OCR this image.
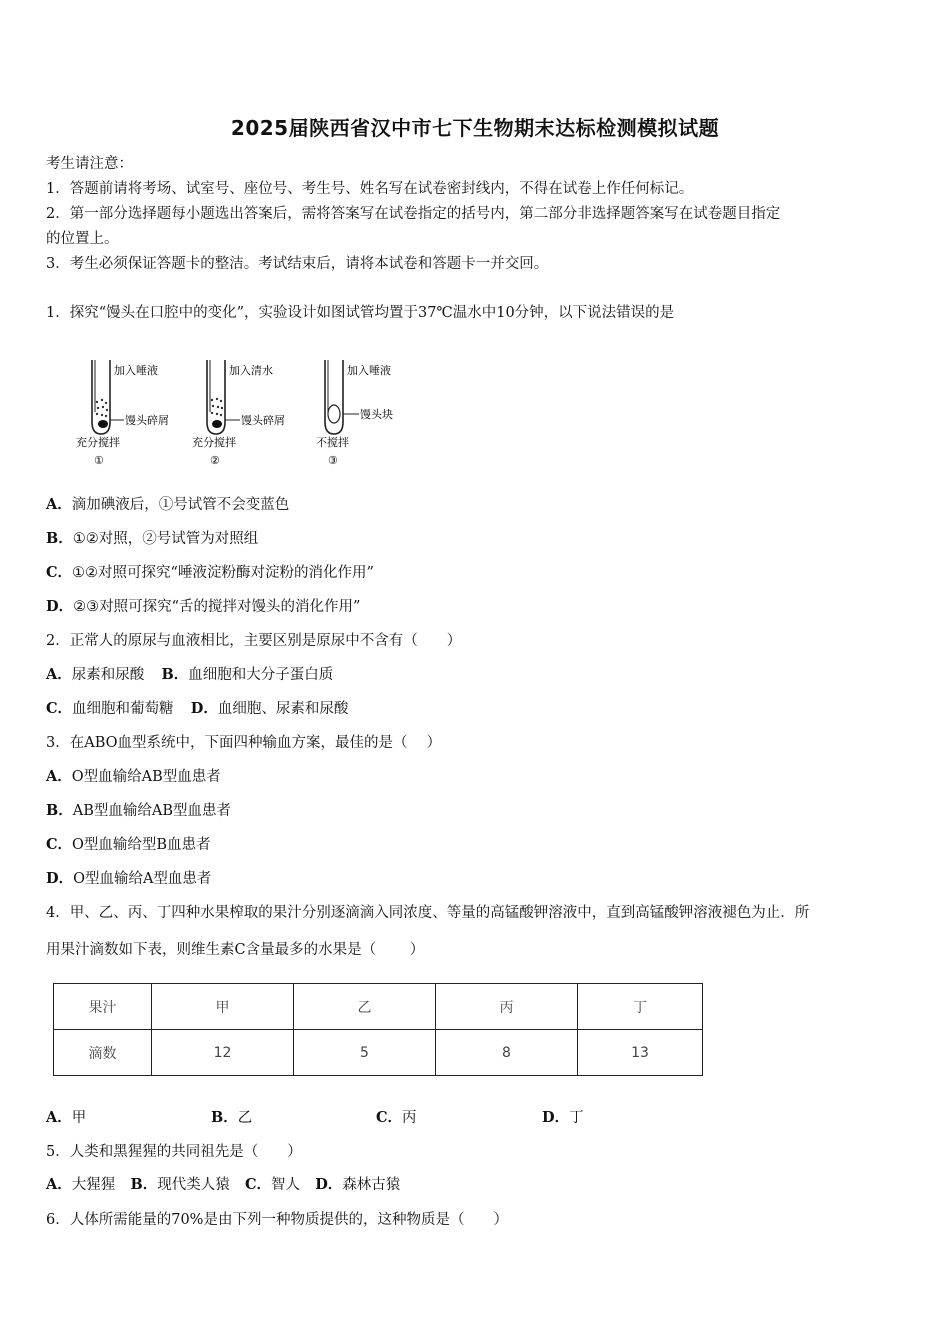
2025届陕西省汉中市七下生物期末达标检测模拟试题
考生请注意：
1．答题前请将考场、试室号、座位号、考生号、姓名写在试卷密封线内，不得在试卷上作任何标记。
2．第一部分选择题每小题选出答案后，需将答案写在试卷指定的括号内，第二部分非选择题答案写在试卷题目指定
的位置上。
3．考生必须保证答题卡的整洁。考试结束后，请将本试卷和答题卡一并交回。
1．探究“馒头在口腔中的变化”，实验设计如图试管均置于37℃温水中10分钟，以下说法错误的是
加入唾液
馒头碎屑
充分搅拌
①
加入清水
馒头碎屑
充分搅拌
②
加入唾液
馒头块
不搅拌
③
A．滴加碘液后，①号试管不会变蓝色
B．①②对照，②号试管为对照组
C．①②对照可探究“唾液淀粉酶对淀粉的消化作用”
D．②③对照可探究“舌的搅拌对馒头的消化作用”
2．正常人的原尿与血液相比，主要区别是原尿中不含有（　　）
A．尿素和尿酸 B．血细胞和大分子蛋白质
C．血细胞和葡萄糖 D．血细胞、尿素和尿酸
3．在ABO血型系统中，下面四种输血方案，最佳的是（　 ）
A．O型血输给AB型血患者
B．AB型血输给AB型血患者
C．O型血输给型B血患者
D．O型血输给A型血患者
4．甲、乙、丙、丁四种水果榨取的果汁分别逐滴滴入同浓度、等量的高锰酸钾溶液中，直到高锰酸钾溶液褪色为止．所
用果汁滴数如下表，则维生素C含量最多的水果是（　　 ）
果汁	甲	乙	丙	丁
滴数	12	5	8	13
A．甲	B．乙	C．丙	D．丁
5．人类和黑猩猩的共同祖先是（　　）
A．大猩猩 B．现代类人猿 C．智人 D．森林古猿
6．人体所需能量的70%是由下列一种物质提供的，这种物质是（　　）
